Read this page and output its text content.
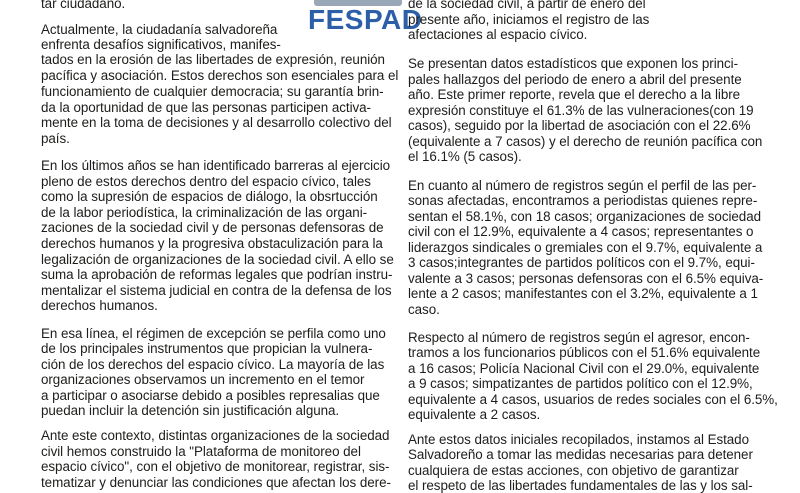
tar ciudadano.
Actualmente, la ciudadanía salvadoreña
enfrenta desafíos significativos, manifes-
tados en la erosión de las libertades de expresión, reunión
pacífica y asociación. Estos derechos son esenciales para el
funcionamiento de cualquier democracia; su garantía brin-
da la oportunidad de que las personas participen activa-
mente en la toma de decisiones y al desarrollo colectivo del
país.
En los últimos años se han identificado barreras al ejercicio
pleno de estos derechos dentro del espacio cívico, tales
como la supresión de espacios de diálogo, la obsrtucción
de la labor periodística, la criminalización de las organi-
zaciones de la sociedad civil y de personas defensoras de
derechos humanos y la progresiva obstaculización para la
legalización de organizaciones de la sociedad civil. A ello se
suma la aprobación de reformas legales que podrían instru-
mentalizar el sistema judicial en contra de la defensa de los
derechos humanos.
En esa línea, el régimen de excepción se perfila como uno
de los principales instrumentos que propician la vulnera-
ción de los derechos del espacio cívico. La mayoría de las
organizaciones observamos un incremento en el temor
a participar o asociarse debido a posibles represalias que
puedan incluir la detención sin justificación alguna.
Ante este contexto, distintas organizaciones de la sociedad
civil hemos construido la "Plataforma de monitoreo del
espacio cívico", con el objetivo de monitorear, registrar, sis-
tematizar y denunciar las condiciones que afectan los dere-
FESPAD
de la sociedad civil, a partir de enero del
presente año, iniciamos el registro de las
afectaciones al espacio cívico.
Se presentan datos estadísticos que exponen los princi-
pales hallazgos del periodo de enero a abril del presente
año. Este primer reporte, revela que el derecho a la libre
expresión constituye el 61.3% de las vulneraciones(con 19
casos), seguido por la libertad de asociación con el 22.6%
(equivalente a 7 casos) y el derecho de reunión pacífica con
el 16.1% (5 casos).
En cuanto al número de registros según el perfil de las per-
sonas afectadas, encontramos a periodistas quienes repre-
sentan el 58.1%, con 18 casos; organizaciones de sociedad
civil con el 12.9%, equivalente a 4 casos; representantes o
liderazgos sindicales o gremiales con el 9.7%, equivalente a
3 casos;integrantes de partidos políticos con el 9.7%, equi-
valente a 3 casos; personas defensoras con el 6.5% equiva-
lente a 2 casos; manifestantes con el 3.2%, equivalente a 1
caso.
Respecto al número de registros según el agresor, encon-
tramos a los funcionarios públicos con el 51.6% equivalente
a 16 casos; Policía Nacional Civil con el 29.0%, equivalente
a 9 casos; simpatizantes de partidos político con el 12.9%,
equivalente a 4 casos, usuarios de redes sociales con el 6.5%,
equivalente a 2 casos.
Ante estos datos iniciales recopilados, instamos al Estado
Salvadoreño a tomar las medidas necesarias para detener
cualquiera de estas acciones, con objetivo de garantizar
el respeto de las libertades fundamentales de las y los sal-
